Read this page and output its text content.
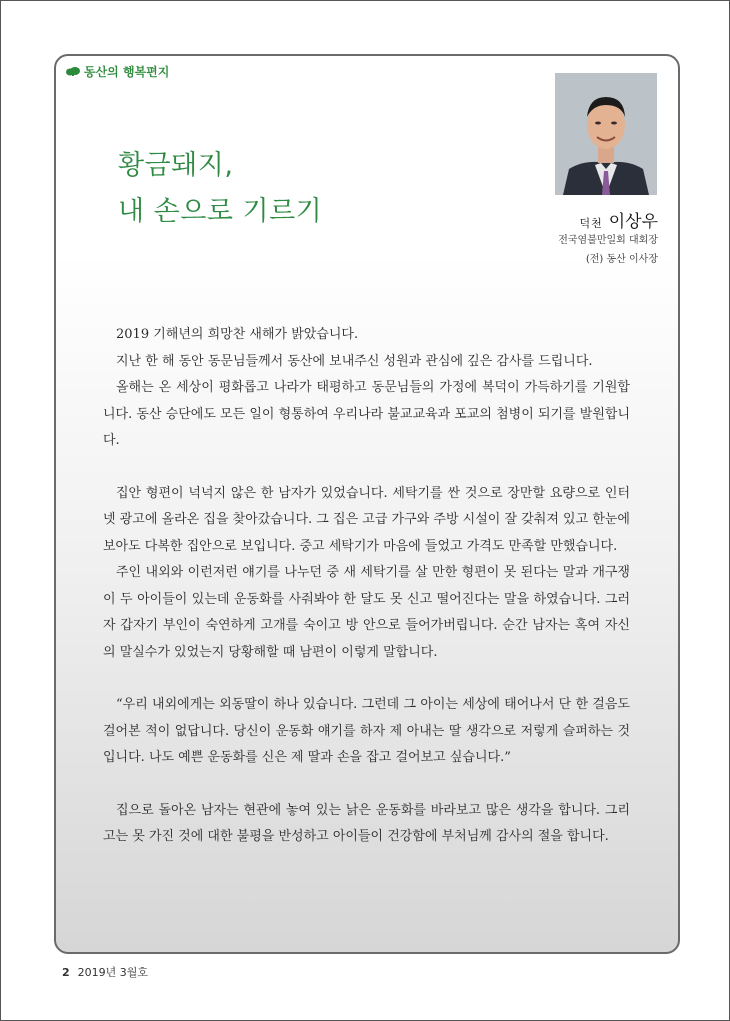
동산의 행복편지
황금돼지,
내 손으로 기르기	덕천 이상우
전국염불만일회 대회장
(전) 동산 이사장

2019 기해년의 희망찬 새해가 밝았습니다.

지난 한 해 동안 동문님들께서 동산에 보내주신 성원과 관심에 깊은 감사를 드립니다.

올해는 온 세상이 평화롭고 나라가 태평하고 동문님들의 가정에 복덕이 가득하기를 기원합니다. 동산 승단에도 모든 일이 형통하여 우리나라 불교교육과 포교의 첨병이 되기를 발원합니다.

집안 형편이 넉넉지 않은 한 남자가 있었습니다. 세탁기를 싼 것으로 장만할 요량으로 인터넷 광고에 올라온 집을 찾아갔습니다. 그 집은 고급 가구와 주방 시설이 잘 갖춰져 있고 한눈에 보아도 다복한 집안으로 보입니다. 중고 세탁기가 마음에 들었고 가격도 만족할 만했습니다.

주인 내외와 이런저런 얘기를 나누던 중 새 세탁기를 살 만한 형편이 못 된다는 말과 개구쟁이 두 아이들이 있는데 운동화를 사줘봐야 한 달도 못 신고 떨어진다는 말을 하였습니다. 그러자 갑자기 부인이 숙연하게 고개를 숙이고 방 안으로 들어가버립니다. 순간 남자는 혹여 자신의 말실수가 있었는지 당황해할 때 남편이 이렇게 말합니다.

“우리 내외에게는 외동딸이 하나 있습니다. 그런데 그 아이는 세상에 태어나서 단 한 걸음도 걸어본 적이 없답니다. 당신이 운동화 얘기를 하자 제 아내는 딸 생각으로 저렇게 슬퍼하는 것입니다. 나도 예쁜 운동화를 신은 제 딸과 손을 잡고 걸어보고 싶습니다.”

집으로 돌아온 남자는 현관에 놓여 있는 낡은 운동화를 바라보고 많은 생각을 합니다. 그리고는 못 가진 것에 대한 불평을 반성하고 아이들이 건강함에 부처님께 감사의 절을 합니다.

2 2019년 3월호
